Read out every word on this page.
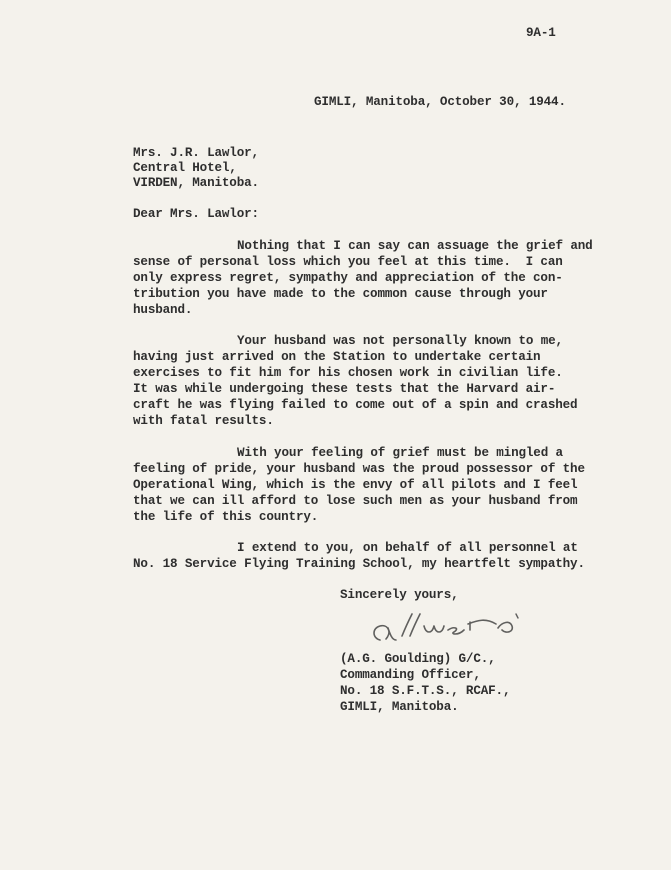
9A-1

GIMLI, Manitoba, October 30, 1944.

Mrs. J.R. Lawlor,

Central Hotel,

VIRDEN, Manitoba.

Dear Mrs. Lawlor:

Nothing that I can say can assuage the grief and

sense of personal loss which you feel at this time.  I can

only express regret, sympathy and appreciation of the con-

tribution you have made to the common cause through your

husband.

Your husband was not personally known to me,

having just arrived on the Station to undertake certain

exercises to fit him for his chosen work in civilian life.

It was while undergoing these tests that the Harvard air-

craft he was flying failed to come out of a spin and crashed

with fatal results.

With your feeling of grief must be mingled a

feeling of pride, your husband was the proud possessor of the

Operational Wing, which is the envy of all pilots and I feel

that we can ill afford to lose such men as your husband from

the life of this country.

I extend to you, on behalf of all personnel at

No. 18 Service Flying Training School, my heartfelt sympathy.

Sincerely yours,

(A.G. Goulding) G/C.,

Commanding Officer,

No. 18 S.F.T.S., RCAF.,

GIMLI, Manitoba.
